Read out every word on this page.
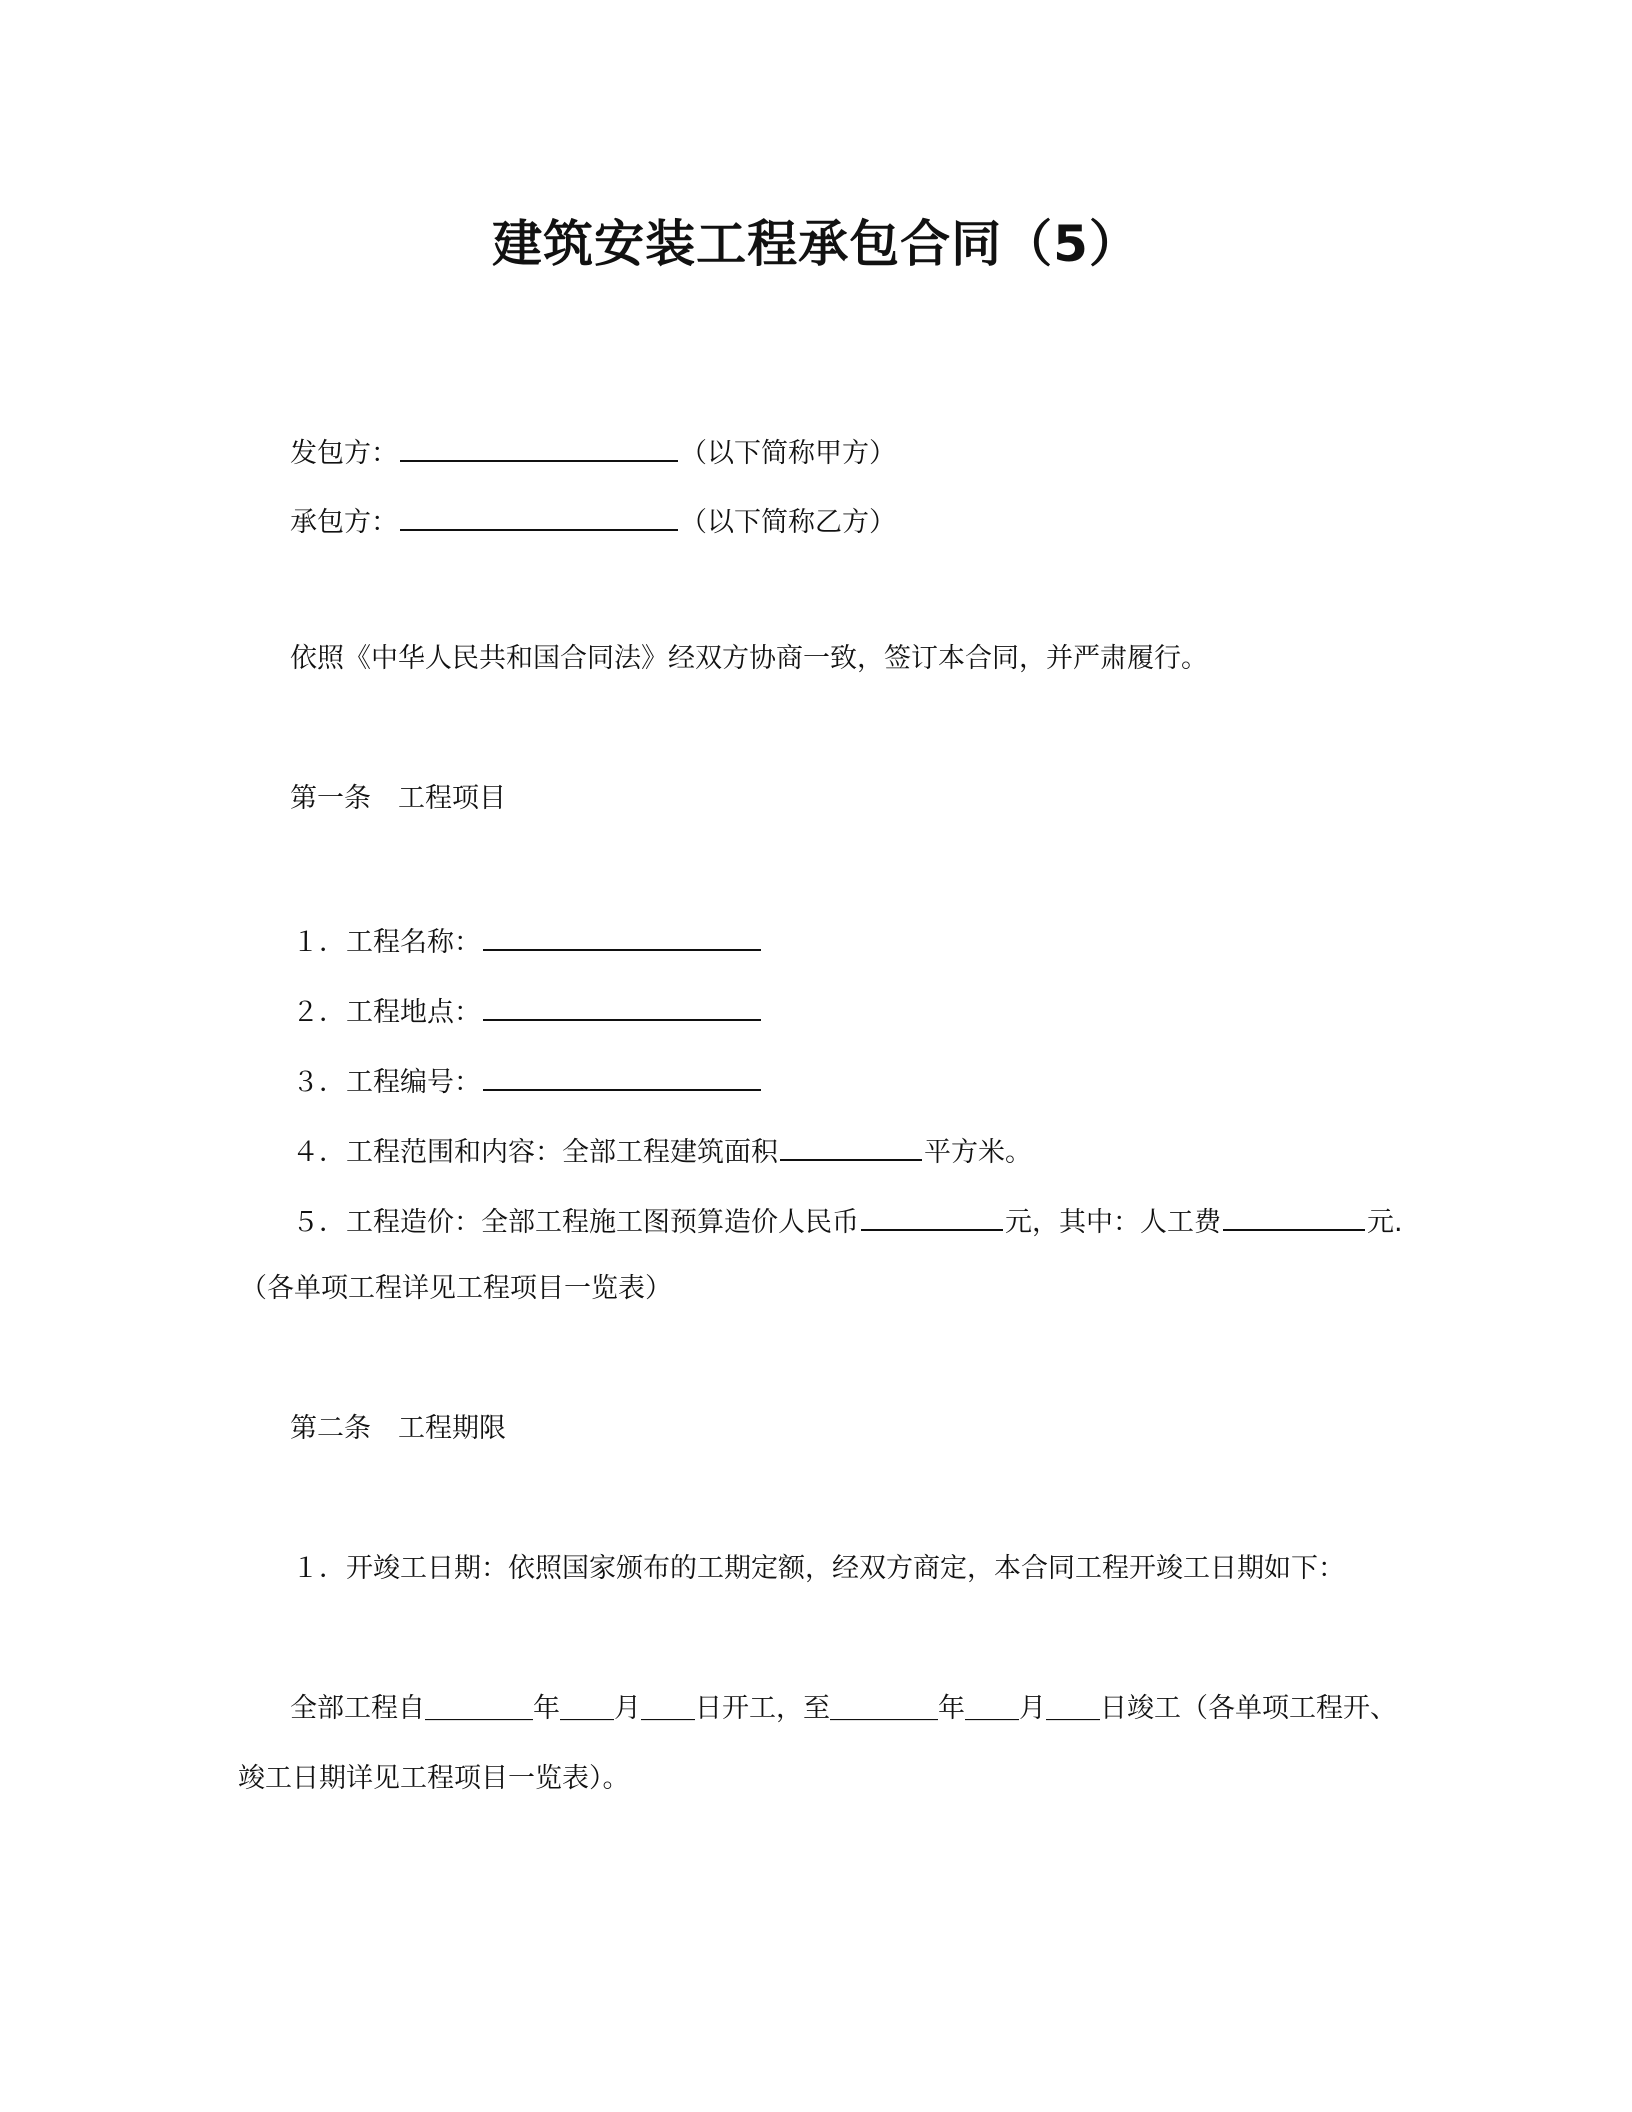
建筑安装工程承包合同（5）
发包方：	（以下简称甲方）
承包方：	（以下简称乙方）
依照《中华人民共和国合同法》经双方协商一致，签订本合同，并严肃履行。
第一条　工程项目
１．工程名称：
２．工程地点：
３．工程编号：
４．工程范围和内容：全部工程建筑面积	平方米。
５．工程造价：全部工程施工图预算造价人民币	元，其中：人工费	元.
（各单项工程详见工程项目一览表）
第二条　工程期限
１．开竣工日期：依照国家颁布的工期定额，经双方商定，本合同工程开竣工日期如下：
全部工程自＿＿＿＿年＿＿月＿＿日开工，至＿＿＿＿年＿＿月＿＿日竣工（各单项工程开、
竣工日期详见工程项目一览表）。
